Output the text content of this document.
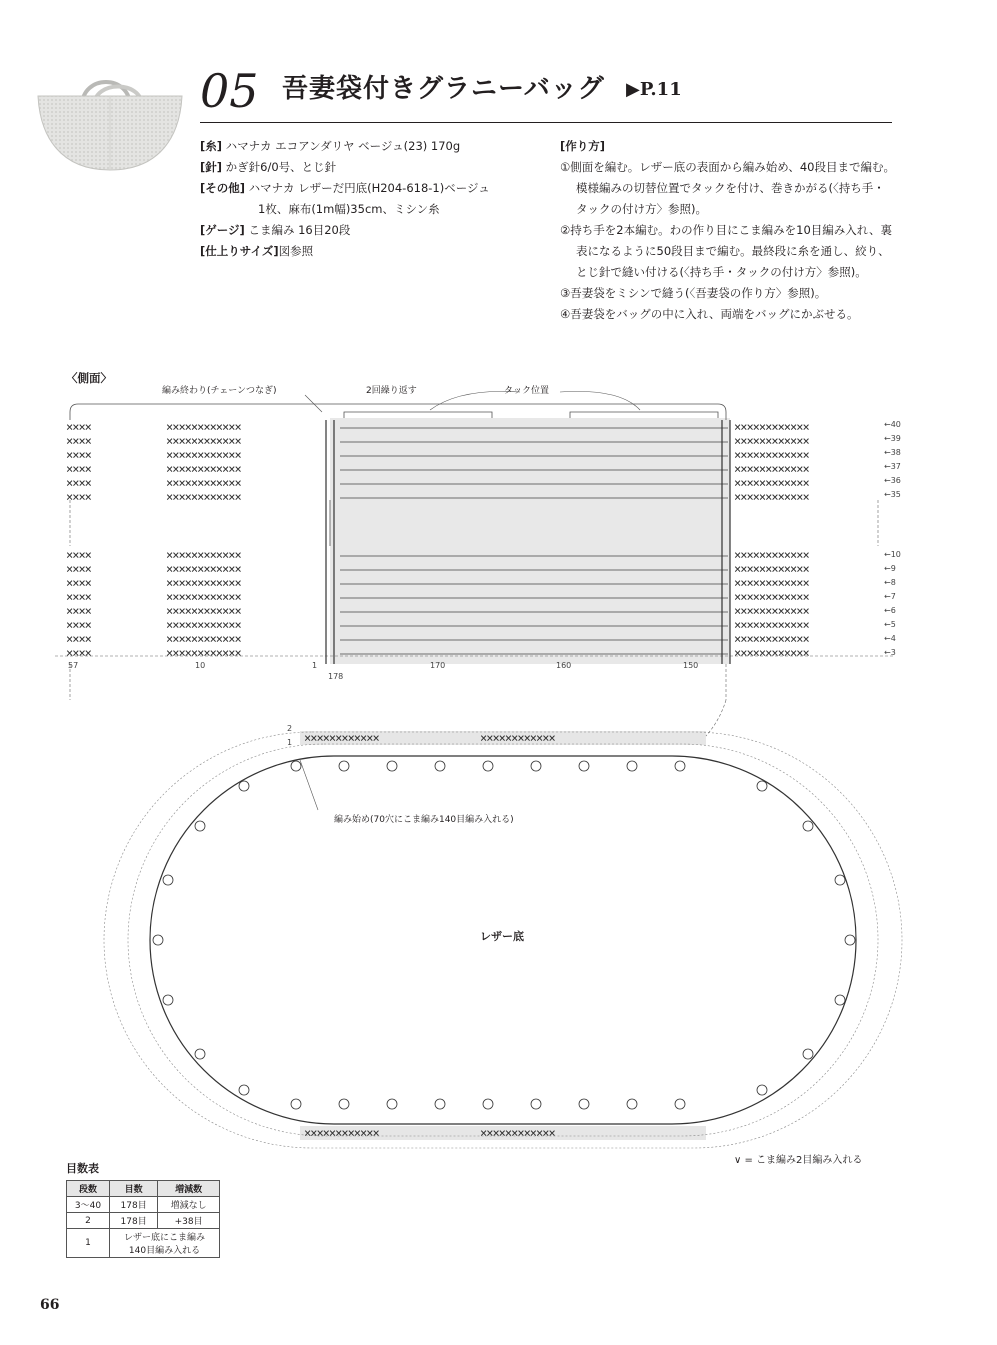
05 吾妻袋付きグラニーバッグ ▶P.11
[糸] ハマナカ エコアンダリヤ ベージュ(23) 170g
[針] かぎ針6/0号、とじ針
[その他] ハマナカ レザーだ円底(H204-618-1)ベージュ
1枚、麻布(1m幅)35cm、ミシン糸
[ゲージ] こま編み 16目20段
[仕上りサイズ]図参照
[作り方]
①側面を編む。レザー底の表面から編み始め、40段目まで編む。模様編みの切替位置でタックを付け、巻きかがる(〈持ち手・タックの付け方〉参照)。
②持ち手を2本編む。わの作り目にこま編みを10目編み入れ、裏表になるように50段目まで編む。最終段に糸を通し、絞り、とじ針で縫い付ける(〈持ち手・タックの付け方〉参照)。
③吾妻袋をミシンで縫う(〈吾妻袋の作り方〉参照)。
④吾妻袋をバッグの中に入れ、両端をバッグにかぶせる。
〈側面〉
編み終わり(チェーンつなぎ)	2回繰り返す	タック位置
××××
××××
××××
××××
××××
××××
××××××××××××
××××××××××××
××××××××××××
××××××××××××
××××××××××××
××××××××××××
××××××××××××
××××××××××××
××××××××××××
××××××××××××
××××××××××××
××××××××××××
××××
××××
××××
××××
××××
××××
××××
××××
××××××××××××
××××××××××××
××××××××××××
××××××××××××
××××××××××××
××××××××××××
××××××××××××
××××××××××××
××××××××××××
××××××××××××
××××××××××××
××××××××××××
××××××××××××
××××××××××××
××××××××××××
××××××××××××
←40
←39
←38
←37
←36
←35
←10
←9
←8
←7
←6
←5
←4
←3
57	10	1
178
170	160	150
××××××××××××	××××××××××××
××××××××××××	××××××××××××
2
1
編み始め(70穴にこま編み140目編み入れる)
レザー底
∨ = こま編み2目編み入れる
目数表
段数	目数	増減数
3〜40	178目	増減なし
2	178目	+38目
1	レザー底にこま編み
140目編み入れる	
66
